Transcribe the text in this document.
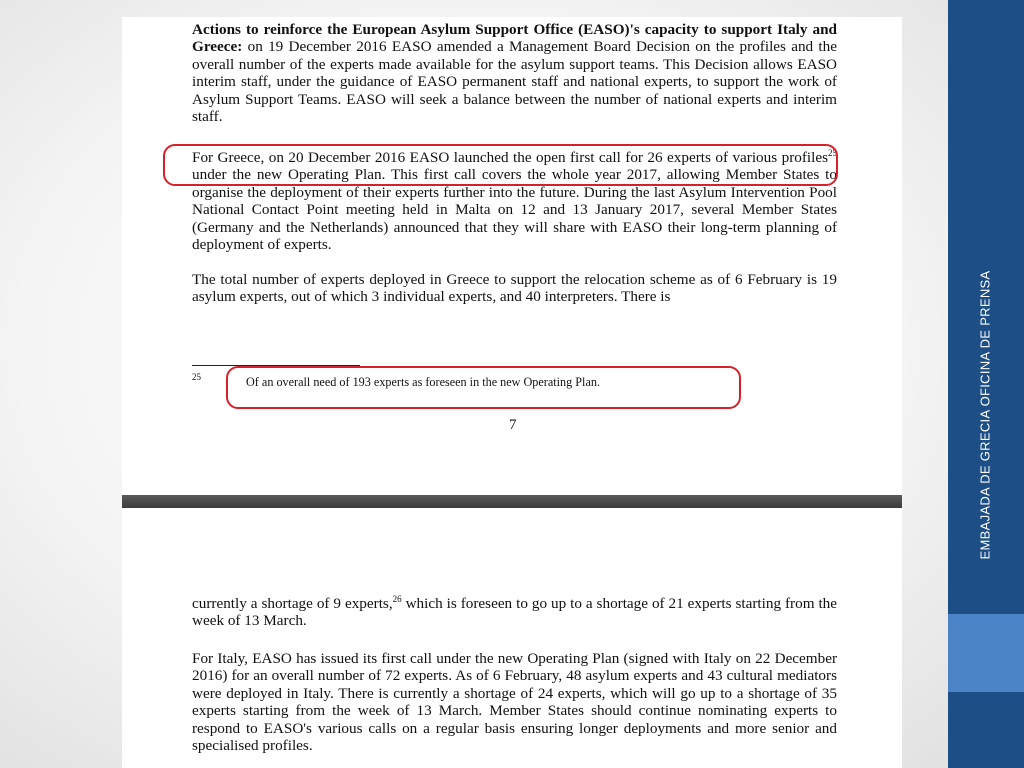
EMBAJADA DE GRECIA OFICINA DE PRENSA

Actions to reinforce the European Asylum Support Office (EASO)'s capacity to support Italy and Greece: on 19 December 2016 EASO amended a Management Board Decision on the profiles and the overall number of the experts made available for the asylum support teams. This Decision allows EASO interim staff, under the guidance of EASO permanent staff and national experts, to support the work of Asylum Support Teams. EASO will seek a balance between the number of national experts and interim staff.

For Greece, on 20 December 2016 EASO launched the open first call for 26 experts of various profiles$^{25}$ under the new Operating Plan. This first call covers the whole year 2017, allowing Member States to organise the deployment of their experts further into the future. During the last Asylum Intervention Pool National Contact Point meeting held in Malta on 12 and 13 January 2017, several Member States (Germany and the Netherlands) announced that they will share with EASO their long-term planning of deployment of experts.

The total number of experts deployed in Greece to support the relocation scheme as of 6 February is 19 asylum experts, out of which 3 individual experts, and 40 interpreters. There is

25	Of an overall need of 193 experts as foreseen in the new Operating Plan.
7

currently a shortage of 9 experts,$^{26}$ which is foreseen to go up to a shortage of 21 experts starting from the week of 13 March.

For Italy, EASO has issued its first call under the new Operating Plan (signed with Italy on 22 December 2016) for an overall number of 72 experts. As of 6 February, 48 asylum experts and 43 cultural mediators were deployed in Italy. There is currently a shortage of 24 experts, which will go up to a shortage of 35 experts starting from the week of 13 March. Member States should continue nominating experts to respond to EASO's various calls on a regular basis ensuring longer deployments and more senior and specialised profiles.
